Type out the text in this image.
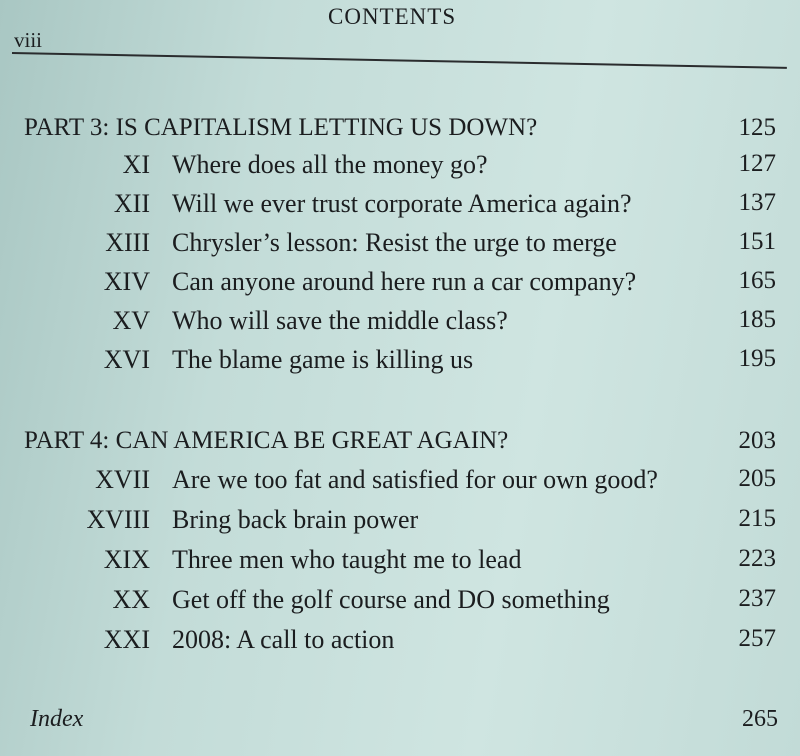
viii
CONTENTS
PART 3: IS CAPITALISM LETTING US DOWN?	125
XI Where does all the money go?	127
XII Will we ever trust corporate America again?	137
XIII Chrysler’s lesson: Resist the urge to merge	151
XIV Can anyone around here run a car company?	165
XV Who will save the middle class?	185
XVI The blame game is killing us	195
PART 4: CAN AMERICA BE GREAT AGAIN?	203
XVII Are we too fat and satisfied for our own good?	205
XVIII Bring back brain power	215
XIX Three men who taught me to lead	223
XX Get off the golf course and DO something	237
XXI 2008: A call to action	257
Index	265
